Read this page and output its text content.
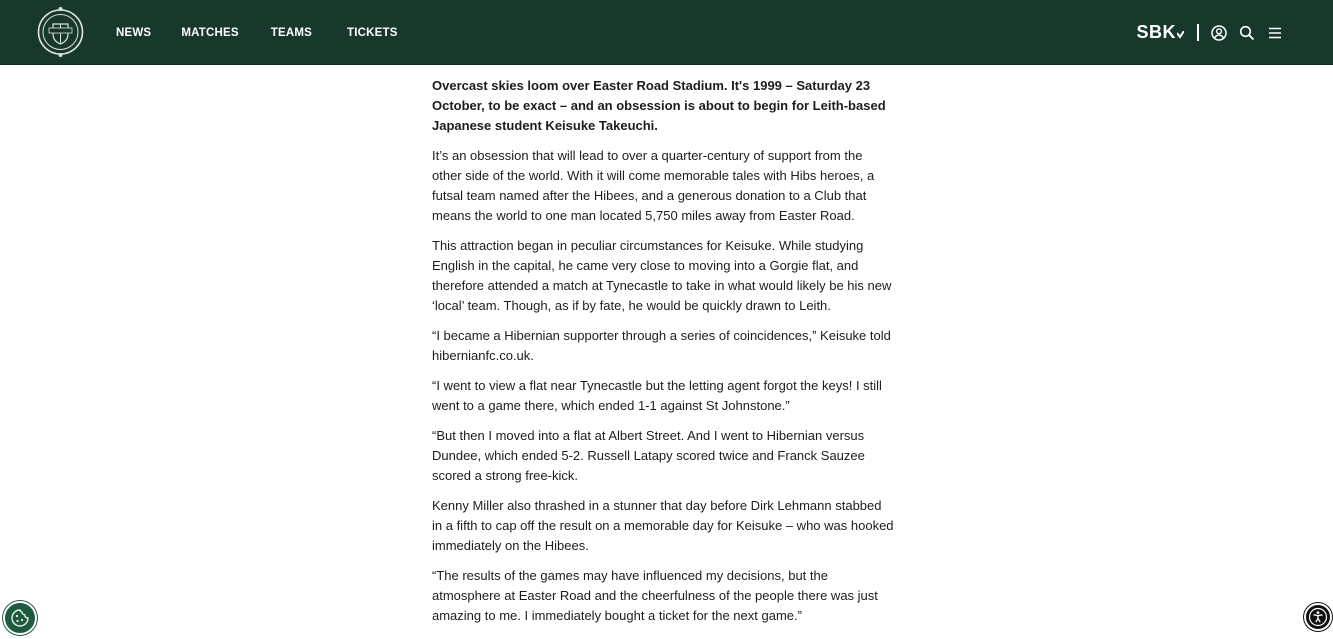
NEWS	MATCHES	TEAMS	TICKETS	SBK

Overcast skies loom over Easter Road Stadium. It's 1999 – Saturday 23 October, to be exact – and an obsession is about to begin for Leith-based Japanese student Keisuke Takeuchi.

It’s an obsession that will lead to over a quarter-century of support from the other side of the world. With it will come memorable tales with Hibs heroes, a futsal team named after the Hibees, and a generous donation to a Club that means the world to one man located 5,750 miles away from Easter Road.

This attraction began in peculiar circumstances for Keisuke. While studying English in the capital, he came very close to moving into a Gorgie flat, and therefore attended a match at Tynecastle to take in what would likely be his new ‘local’ team. Though, as if by fate, he would be quickly drawn to Leith.

“I became a Hibernian supporter through a series of coincidences,” Keisuke told hibernianfc.co.uk.

“I went to view a flat near Tynecastle but the letting agent forgot the keys! I still went to a game there, which ended 1-1 against St Johnstone.”

“But then I moved into a flat at Albert Street. And I went to Hibernian versus Dundee, which ended 5-2. Russell Latapy scored twice and Franck Sauzee scored a strong free-kick.

Kenny Miller also thrashed in a stunner that day before Dirk Lehmann stabbed in a fifth to cap off the result on a memorable day for Keisuke – who was hooked immediately on the Hibees.

“The results of the games may have influenced my decisions, but the atmosphere at Easter Road and the cheerfulness of the people there was just amazing to me. I immediately bought a ticket for the next game.”
